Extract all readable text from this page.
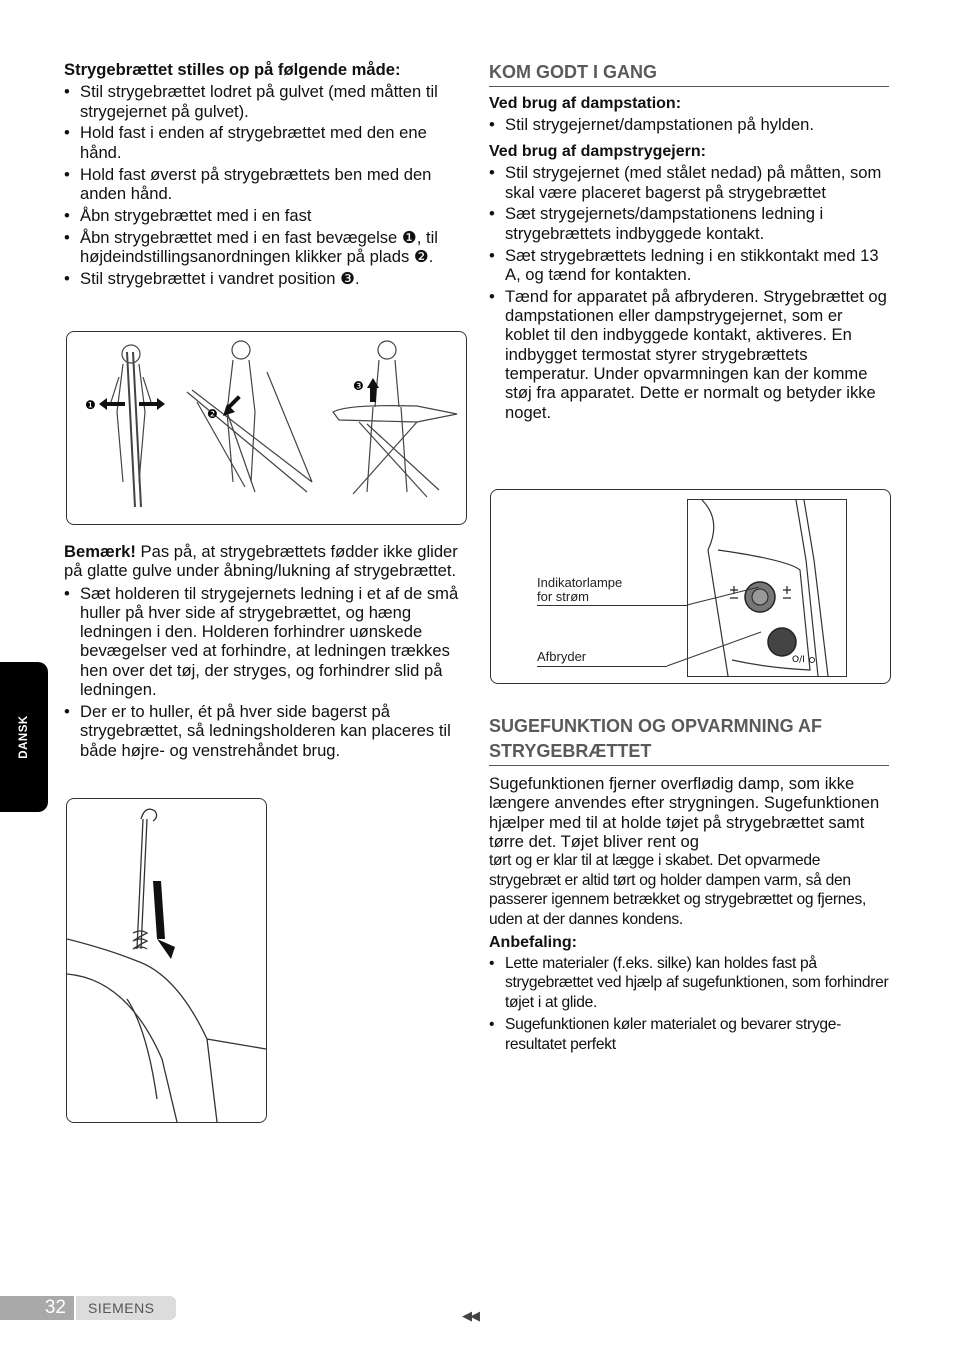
Strygebrættet stilles op på følgende måde:

• Stil strygebrættet lodret på gulvet (med måtten til strygejernet på gulvet).
• Hold fast i enden af strygebrættet med den ene hånd.
• Hold fast øverst på strygebrættets ben med den anden hånd.
• Åbn strygebrættet med i en fast
• Åbn strygebrættet med i en fast bevægelse ❶, til højdeindstillingsanordningen klikker på plads ❷.
• Stil strygebrættet i vandret position ❸.
❶
❷
❸

Bemærk! Pas på, at strygebrættets fødder ikke glider på glatte gulve under åbning/lukning af strygebrættet.

• Sæt holderen til strygejernets ledning i et af de små huller på hver side af strygebrættet, og hæng ledningen i den. Holderen forhindrer uønskede bevægelser ved at forhindre, at ledningen trækkes hen over det tøj, der stryges, og forhindrer slid på ledningen.
• Der er to huller, ét på hver side bagerst på strygebrættet, så ledningsholderen kan placeres til både højre- og venstrehåndet brug.
KOM GODT I GANG

Ved brug af dampstation:

• Stil strygejernet/dampstationen på hylden.

Ved brug af dampstrygejern:

• Stil strygejernet (med stålet nedad) på måtten, som skal være placeret bagerst på strygebrættet
• Sæt strygejernets/dampstationens ledning i strygebrættets indbyggede kontakt.
• Sæt strygebrættets ledning i en stikkontakt med 13 A, og tænd for kontakten.
• Tænd for apparatet på afbryderen. Strygebrættet og dampstationen eller dampstrygejernet, som er koblet til den indbyggede kontakt, aktiveres. En indbygget termostat styrer strygebrættets temperatur. Under opvarmningen kan der komme støj fra apparatet. Dette er normalt og betyder ikke noget.
O/I
Indikatorlampe
for strøm
Afbryder
SUGEFUNKTION OG OPVARMNING AF STRYGEBRÆTTET

Sugefunktionen fjerner overflødig damp, som ikke længere anvendes efter strygningen. Sugefunktionen hjælper med til at holde tøjet på strygebrættet samt tørre det. Tøjet bliver rent og

tørt og er klar til at lægge i skabet. Det opvarmede strygebræt er altid tørt og holder dampen varm, så den passerer igennem betrækket og strygebrættet og fjernes, uden at der dannes kondens.

Anbefaling:

• Lette materialer (f.eks. silke) kan holdes fast på strygebrættet ved hjælp af sugefunktionen, som forhindrer tøjet i at glide.
• Sugefunktionen køler materialet og bevarer strygeresultatet perfekt
DANSK
32	SIEMENS	◀◀
